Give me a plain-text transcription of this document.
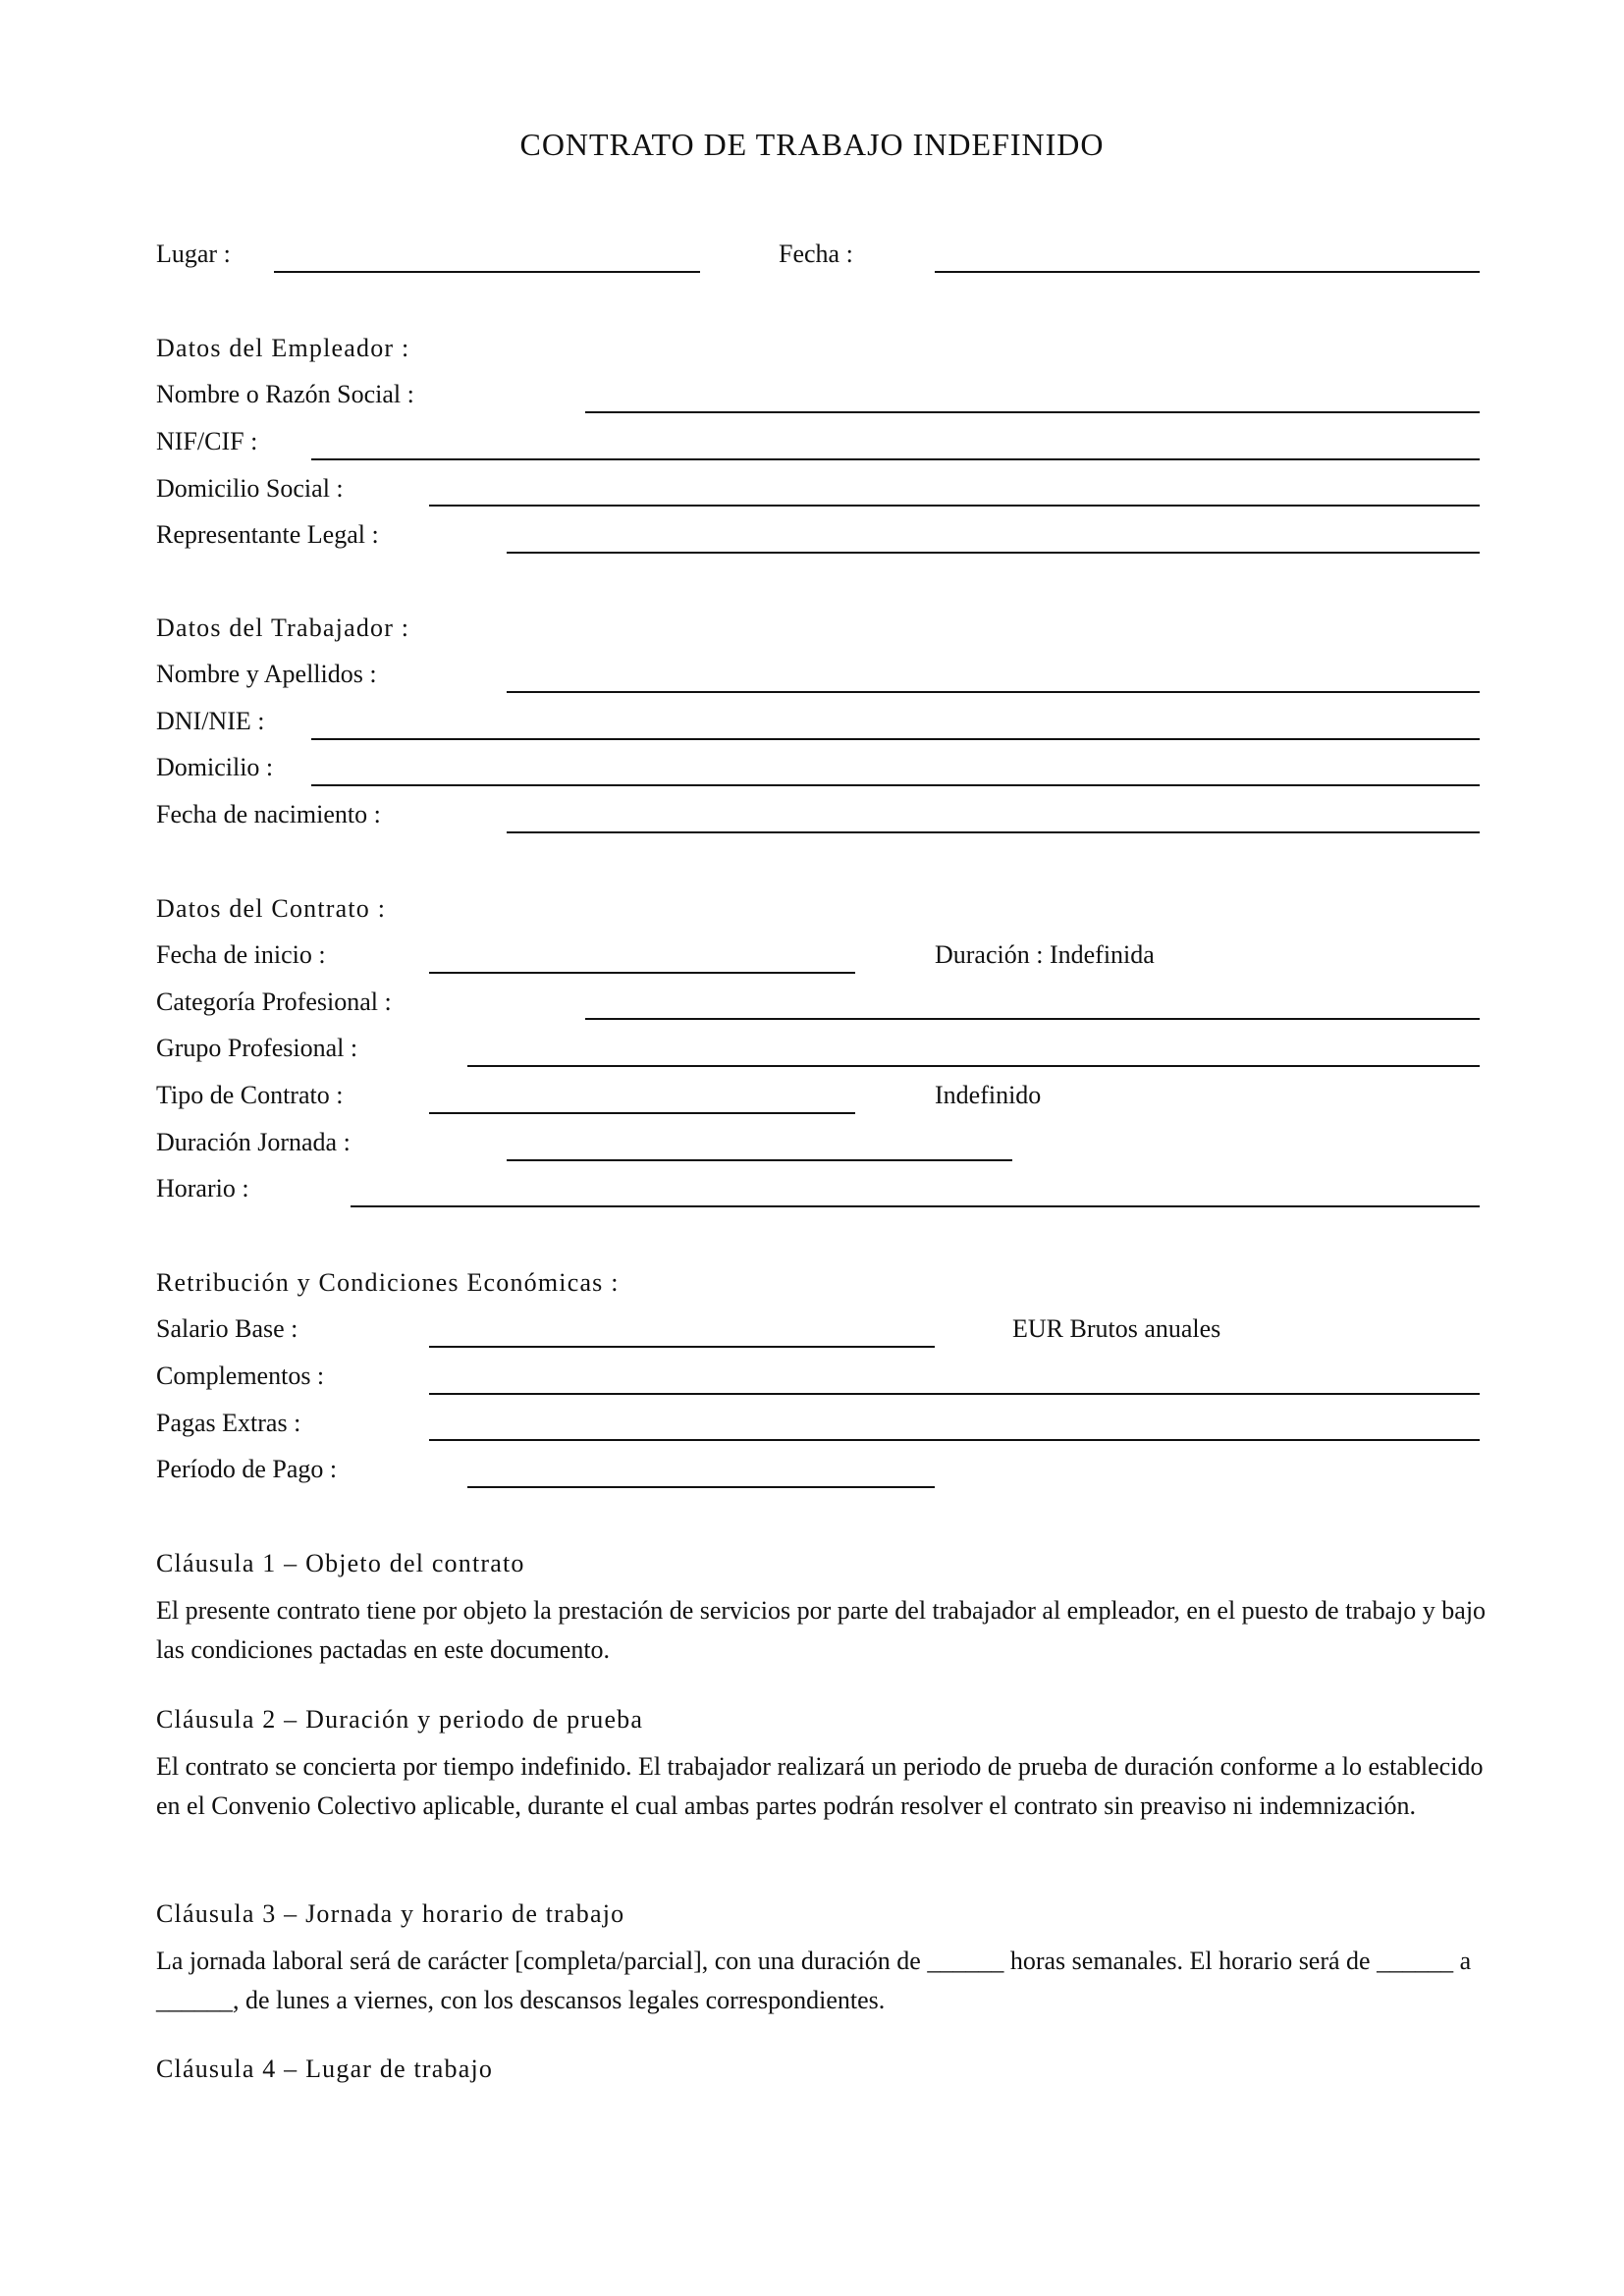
CONTRATO DE TRABAJO INDEFINIDO
Lugar :	Fecha :
Datos del Empleador :
Nombre o Razón Social :
NIF/CIF :
Domicilio Social :
Representante Legal :
Datos del Trabajador :
Nombre y Apellidos :
DNI/NIE :
Domicilio :
Fecha de nacimiento :
Datos del Contrato :
Fecha de inicio :	Duración : Indefinida
Categoría Profesional :
Grupo Profesional :
Tipo de Contrato :	Indefinido
Duración Jornada :
Horario :
Retribución y Condiciones Económicas :
Salario Base :	EUR Brutos anuales
Complementos :
Pagas Extras :
Período de Pago :
Cláusula 1 – Objeto del contrato
El presente contrato tiene por objeto la prestación de servicios por parte del trabajador al empleador, en el puesto de trabajo y bajo las condiciones pactadas en este documento.
Cláusula 2 – Duración y periodo de prueba
El contrato se concierta por tiempo indefinido. El trabajador realizará un periodo de prueba de duración conforme a lo establecido en el Convenio Colectivo aplicable, durante el cual ambas partes podrán resolver el contrato sin preaviso ni indemnización.
Cláusula 3 – Jornada y horario de trabajo
La jornada laboral será de carácter [completa/parcial], con una duración de ______ horas semanales. El horario será de ______ a ______, de lunes a viernes, con los descansos legales correspondientes.
Cláusula 4 – Lugar de trabajo
